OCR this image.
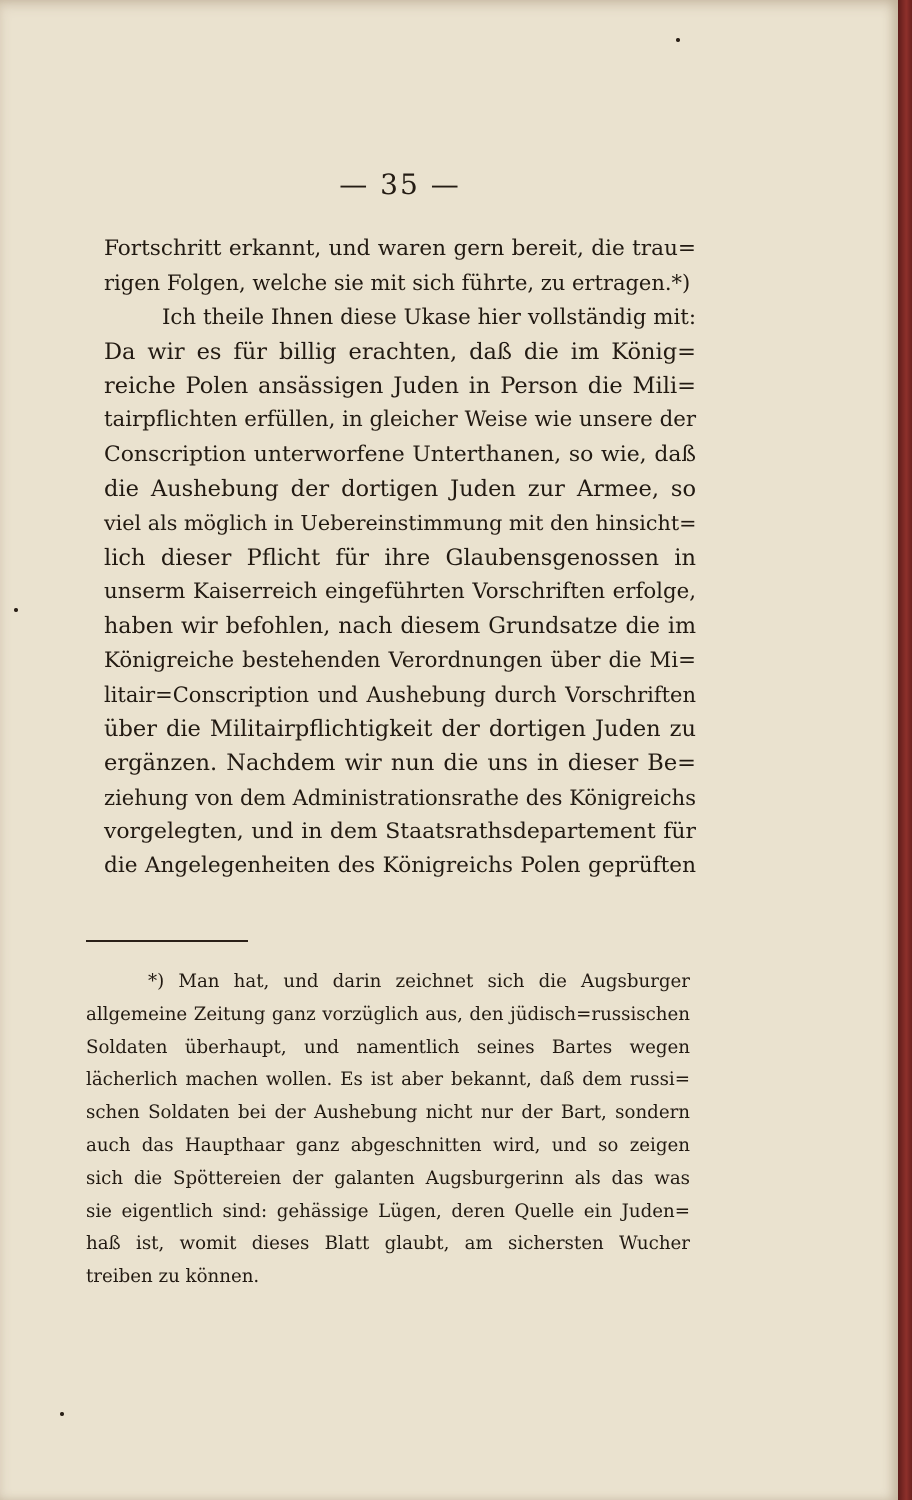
— 35 —
Fortschritt erkannt, und waren gern bereit, die trau=
rigen Folgen, welche sie mit sich führte, zu ertragen.*)
Ich theile Ihnen diese Ukase hier vollständig mit:
Da wir es für billig erachten, daß die im König=
reiche Polen ansässigen Juden in Person die Mili=
tairpflichten erfüllen, in gleicher Weise wie unsere der
Conscription unterworfene Unterthanen, so wie, daß
die Aushebung der dortigen Juden zur Armee, so
viel als möglich in Uebereinstimmung mit den hinsicht=
lich dieser Pflicht für ihre Glaubensgenossen in
unserm Kaiserreich eingeführten Vorschriften erfolge,
haben wir befohlen, nach diesem Grundsatze die im
Königreiche bestehenden Verordnungen über die Mi=
litair=Conscription und Aushebung durch Vorschriften
über die Militairpflichtigkeit der dortigen Juden zu
ergänzen. Nachdem wir nun die uns in dieser Be=
ziehung von dem Administrationsrathe des Königreichs
vorgelegten, und in dem Staatsrathsdepartement für
die Angelegenheiten des Königreichs Polen geprüften
*) Man hat, und darin zeichnet sich die Augsburger
allgemeine Zeitung ganz vorzüglich aus, den jüdisch=russischen
Soldaten überhaupt, und namentlich seines Bartes wegen
lächerlich machen wollen. Es ist aber bekannt, daß dem russi=
schen Soldaten bei der Aushebung nicht nur der Bart, sondern
auch das Haupthaar ganz abgeschnitten wird, und so zeigen
sich die Spöttereien der galanten Augsburgerinn als das was
sie eigentlich sind: gehässige Lügen, deren Quelle ein Juden=
haß ist, womit dieses Blatt glaubt, am sichersten Wucher
treiben zu können.
